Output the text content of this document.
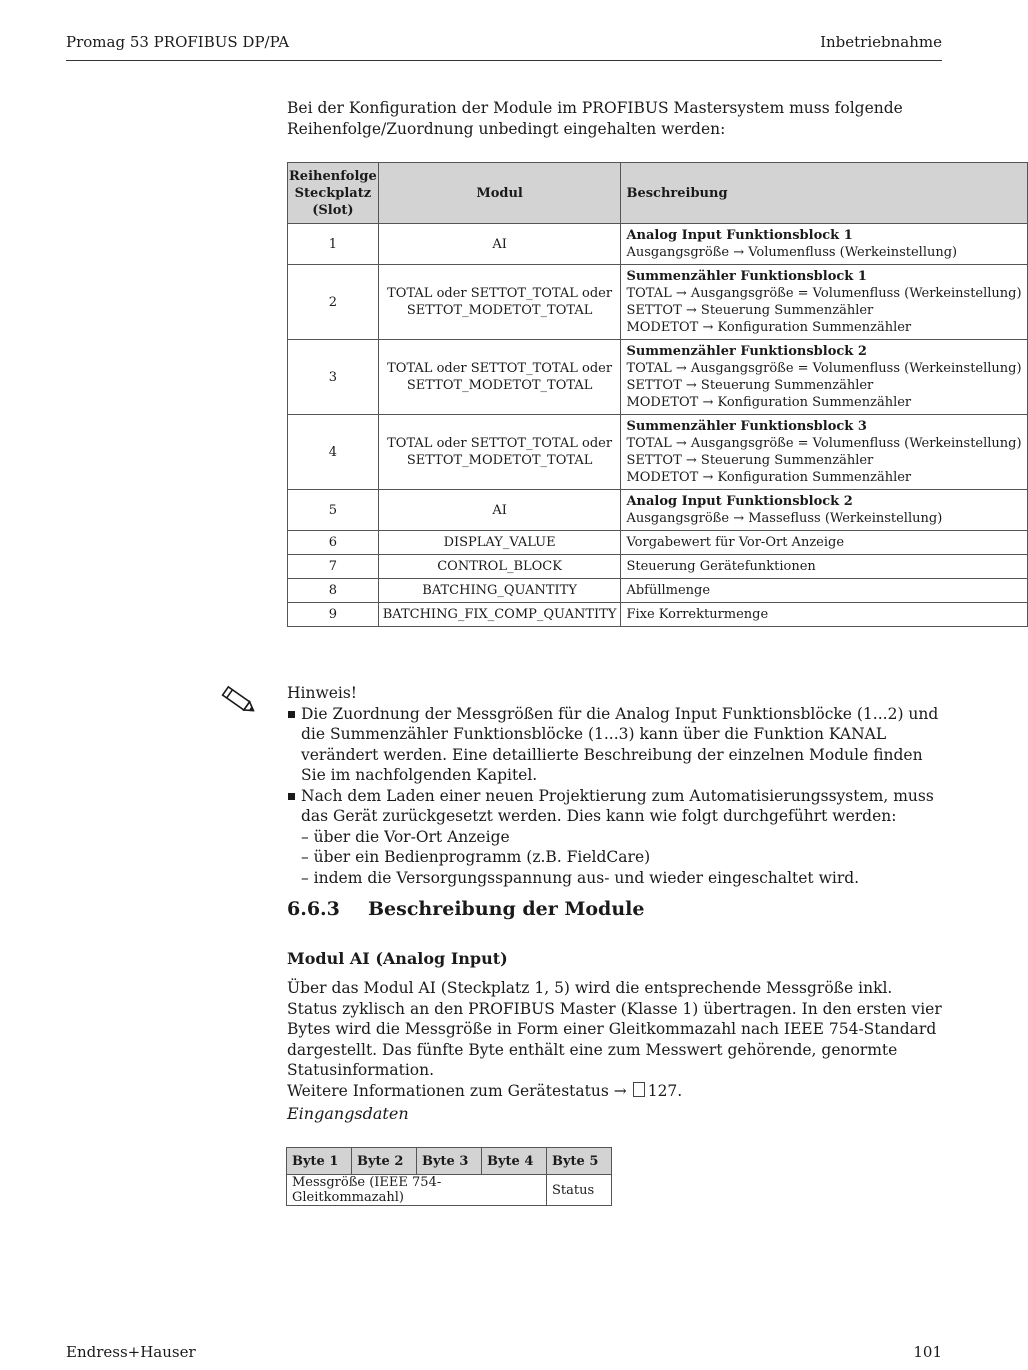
Promag 53 PROFIBUS DP/PA	Inbetriebnahme
Bei der Konfiguration der Module im PROFIBUS Mastersystem muss folgende Reihenfolge/Zuordnung unbedingt eingehalten werden:
Reihenfolge Steckplatz (Slot)	Modul	Beschreibung
1	AI	Analog Input Funktionsblock 1
Ausgangsgröße → Volumenfluss (Werkeinstellung)

2	TOTAL oder SETTOT_TOTAL oder SETTOT_MODETOT_TOTAL	Summenzähler Funktionsblock 1
TOTAL → Ausgangsgröße = Volumenfluss (Werkeinstellung)
SETTOT → Steuerung Summenzähler
MODETOT → Konfiguration Summenzähler

3	TOTAL oder SETTOT_TOTAL oder SETTOT_MODETOT_TOTAL	Summenzähler Funktionsblock 2
TOTAL → Ausgangsgröße = Volumenfluss (Werkeinstellung)
SETTOT → Steuerung Summenzähler
MODETOT → Konfiguration Summenzähler

4	TOTAL oder SETTOT_TOTAL oder SETTOT_MODETOT_TOTAL	Summenzähler Funktionsblock 3
TOTAL → Ausgangsgröße = Volumenfluss (Werkeinstellung)
SETTOT → Steuerung Summenzähler
MODETOT → Konfiguration Summenzähler

5	AI	Analog Input Funktionsblock 2
Ausgangsgröße → Massefluss (Werkeinstellung)

6	DISPLAY_VALUE	Vorgabewert für Vor-Ort Anzeige
7	CONTROL_BLOCK	Steuerung Gerätefunktionen
8	BATCHING_QUANTITY	Abfüllmenge
9	BATCHING_FIX_COMP_QUANTITY	Fixe Korrekturmenge
Hinweis!
Die Zuordnung der Messgrößen für die Analog Input Funktionsblöcke (1...2) und die Summenzähler Funktionsblöcke (1...3) kann über die Funktion KANAL verändert werden. Eine detaillierte Beschreibung der einzelnen Module finden Sie im nachfolgenden Kapitel.
Nach dem Laden einer neuen Projektierung zum Automatisierungssystem, muss das Gerät zurückgesetzt werden. Dies kann wie folgt durchgeführt werden:
– über die Vor-Ort Anzeige
– über ein Bedienprogramm (z.B. FieldCare)
– indem die Versorgungsspannung aus- und wieder eingeschaltet wird.
6.6.3 Beschreibung der Module
Modul AI (Analog Input)
Über das Modul AI (Steckplatz 1, 5) wird die entsprechende Messgröße inkl. Status zyklisch an den PROFIBUS Master (Klasse 1) übertragen. In den ersten vier Bytes wird die Messgröße in Form einer Gleitkommazahl nach IEEE 754-Standard dargestellt. Das fünfte Byte enthält eine zum Messwert gehörende, genormte Statusinformation.
Weitere Informationen zum Gerätestatus → 127.
Eingangsdaten
Byte 1	Byte 2	Byte 3	Byte 4	Byte 5
Messgröße (IEEE 754-Gleitkommazahl)				Status
Endress+Hauser	101
